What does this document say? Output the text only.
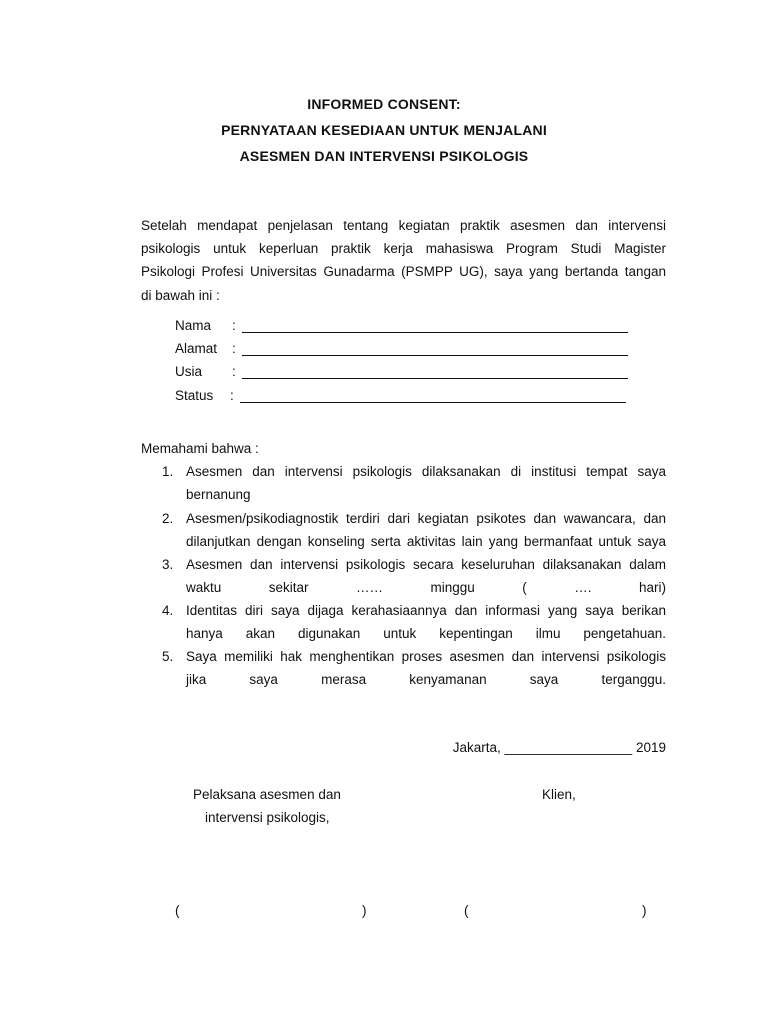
INFORMED CONSENT:
PERNYATAAN KESEDIAAN UNTUK MENJALANI
ASESMEN DAN INTERVENSI PSIKOLOGIS
Setelah mendapat penjelasan tentang kegiatan praktik asesmen dan intervensi
psikologis untuk keperluan praktik kerja mahasiswa Program Studi Magister
Psikologi Profesi Universitas Gunadarma (PSMPP UG), saya yang bertanda tangan
di bawah ini :
Nama :
Alamat :
Usia :
Status :
Memahami bahwa :
1. Asesmen dan intervensi psikologis dilaksanakan di institusi tempat saya
bernanung
2. Asesmen/psikodiagnostik terdiri dari kegiatan psikotes dan wawancara, dan
dilanjutkan dengan konseling serta aktivitas lain yang bermanfaat untuk saya
3. Asesmen dan intervensi psikologis secara keseluruhan dilaksanakan dalam
waktu sekitar …… minggu ( …. hari)
4. Identitas diri saya dijaga kerahasiaannya dan informasi yang saya berikan
hanya akan digunakan untuk kepentingan ilmu pengetahuan.
5. Saya memiliki hak menghentikan proses asesmen dan intervensi psikologis
jika saya merasa kenyamanan saya terganggu.
Jakarta, _________________ 2019
Pelaksana asesmen dan
intervensi psikologis,
Klien,
(	)	(	)
